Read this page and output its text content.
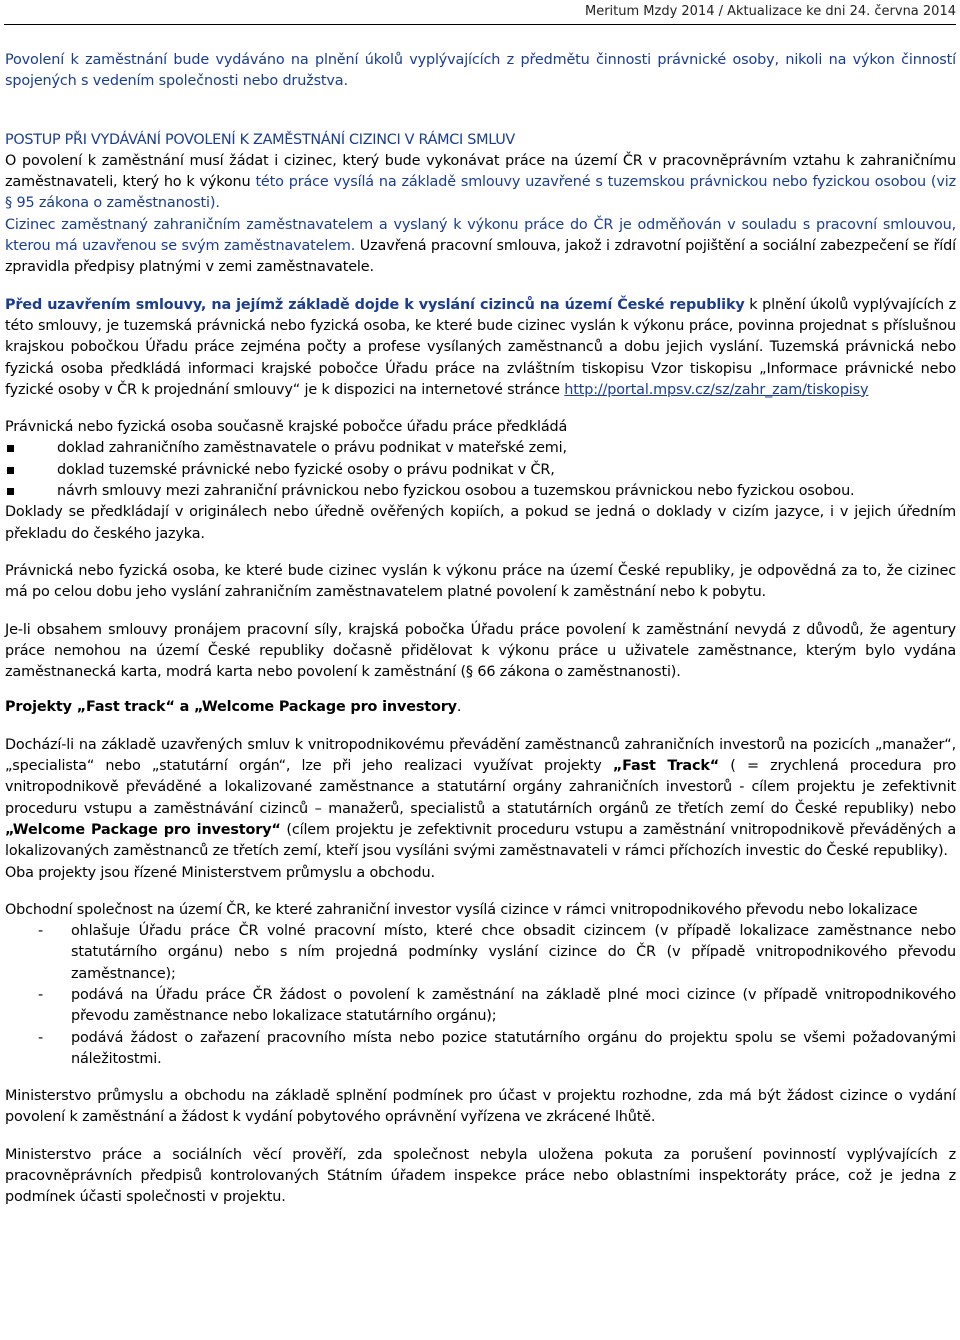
Meritum Mzdy 2014 / Aktualizace ke dni 24. června 2014

Povolení k zaměstnání bude vydáváno na plnění úkolů vyplývajících z předmětu činnosti právnické osoby, nikoli na výkon činností spojených s vedením společnosti nebo družstva.

POSTUP PŘI VYDÁVÁNÍ POVOLENÍ K ZAMĚSTNÁNÍ CIZINCI V RÁMCI SMLUV

O povolení k zaměstnání musí žádat i cizinec, který bude vykonávat práce na území ČR v pracovněprávním vztahu k zahraničnímu zaměstnavateli, který ho k výkonu této práce vysílá na základě smlouvy uzavřené s tuzemskou právnickou nebo fyzickou osobou (viz § 95 zákona o zaměstnanosti).

Cizinec zaměstnaný zahraničním zaměstnavatelem a vyslaný k výkonu práce do ČR je odměňován v souladu s pracovní smlouvou, kterou má uzavřenou se svým zaměstnavatelem. Uzavřená pracovní smlouva, jakož i zdravotní pojištění a sociální zabezpečení se řídí zpravidla předpisy platnými v zemi zaměstnavatele.

Před uzavřením smlouvy, na jejímž základě dojde k vyslání cizinců na území České republiky k plnění úkolů vyplývajících z této smlouvy, je tuzemská právnická nebo fyzická osoba, ke které bude cizinec vyslán k výkonu práce, povinna projednat s příslušnou krajskou pobočkou Úřadu práce zejména počty a profese vysílaných zaměstnanců a dobu jejich vyslání. Tuzemská právnická nebo fyzická osoba předkládá informaci krajské pobočce Úřadu práce na zvláštním tiskopisu Vzor tiskopisu „Informace právnické nebo fyzické osoby v ČR k projednání smlouvy“ je k dispozici na internetové stránce http://portal.mpsv.cz/sz/zahr_zam/tiskopisy

Právnická nebo fyzická osoba současně krajské pobočce úřadu práce předkládá

doklad zahraničního zaměstnavatele o právu podnikat v mateřské zemi,
doklad tuzemské právnické nebo fyzické osoby o právu podnikat v ČR,
návrh smlouvy mezi zahraniční právnickou nebo fyzickou osobou a tuzemskou právnickou nebo fyzickou osobou.

Doklady se předkládají v originálech nebo úředně ověřených kopiích, a pokud se jedná o doklady v cizím jazyce, i v jejich úředním překladu do českého jazyka.

Právnická nebo fyzická osoba, ke které bude cizinec vyslán k výkonu práce na území České republiky, je odpovědná za to, že cizinec má po celou dobu jeho vyslání zahraničním zaměstnavatelem platné povolení k zaměstnání nebo k pobytu.

Je-li obsahem smlouvy pronájem pracovní síly, krajská pobočka Úřadu práce povolení k zaměstnání nevydá z důvodů, že agentury práce nemohou na území České republiky dočasně přidělovat k výkonu práce u uživatele zaměstnance, kterým bylo vydána zaměstnanecká karta, modrá karta nebo povolení k zaměstnání (§ 66 zákona o zaměstnanosti).

Projekty „Fast track“ a „Welcome Package pro investory.

Dochází-li na základě uzavřených smluv k vnitropodnikovému převádění zaměstnanců zahraničních investorů na pozicích „manažer“, „specialista“ nebo „statutární orgán“, lze při jeho realizaci využívat projekty „Fast Track“ ( = zrychlená procedura pro vnitropodnikově převáděné a lokalizované zaměstnance a statutární orgány zahraničních investorů - cílem projektu je zefektivnit proceduru vstupu a zaměstnávání cizinců – manažerů, specialistů a statutárních orgánů ze třetích zemí do České republiky) nebo „Welcome Package pro investory“ (cílem projektu je zefektivnit proceduru vstupu a zaměstnání vnitropodnikově převáděných a lokalizovaných zaměstnanců ze třetích zemí, kteří jsou vysíláni svými zaměstnavateli v rámci příchozích investic do České republiky).

Oba projekty jsou řízené Ministerstvem průmyslu a obchodu.

Obchodní společnost na území ČR, ke které zahraniční investor vysílá cizince v rámci vnitropodnikového převodu nebo lokalizace

- ohlašuje Úřadu práce ČR volné pracovní místo, které chce obsadit cizincem (v případě lokalizace zaměstnance nebo statutárního orgánu) nebo s ním projedná podmínky vyslání cizince do ČR (v případě vnitropodnikového převodu zaměstnance);
- podává na Úřadu práce ČR žádost o povolení k zaměstnání na základě plné moci cizince (v případě vnitropodnikového převodu zaměstnance nebo lokalizace statutárního orgánu);
- podává žádost o zařazení pracovního místa nebo pozice statutárního orgánu do projektu spolu se všemi požadovanými náležitostmi.

Ministerstvo průmyslu a obchodu na základě splnění podmínek pro účast v projektu rozhodne, zda má být žádost cizince o vydání povolení k zaměstnání a žádost k vydání pobytového oprávnění vyřízena ve zkrácené lhůtě.

Ministerstvo práce a sociálních věcí prověří, zda společnost nebyla uložena pokuta za porušení povinností vyplývajících z pracovněprávních předpisů kontrolovaných Státním úřadem inspekce práce nebo oblastními inspektoráty práce, což je jedna z podmínek účasti společnosti v projektu.
